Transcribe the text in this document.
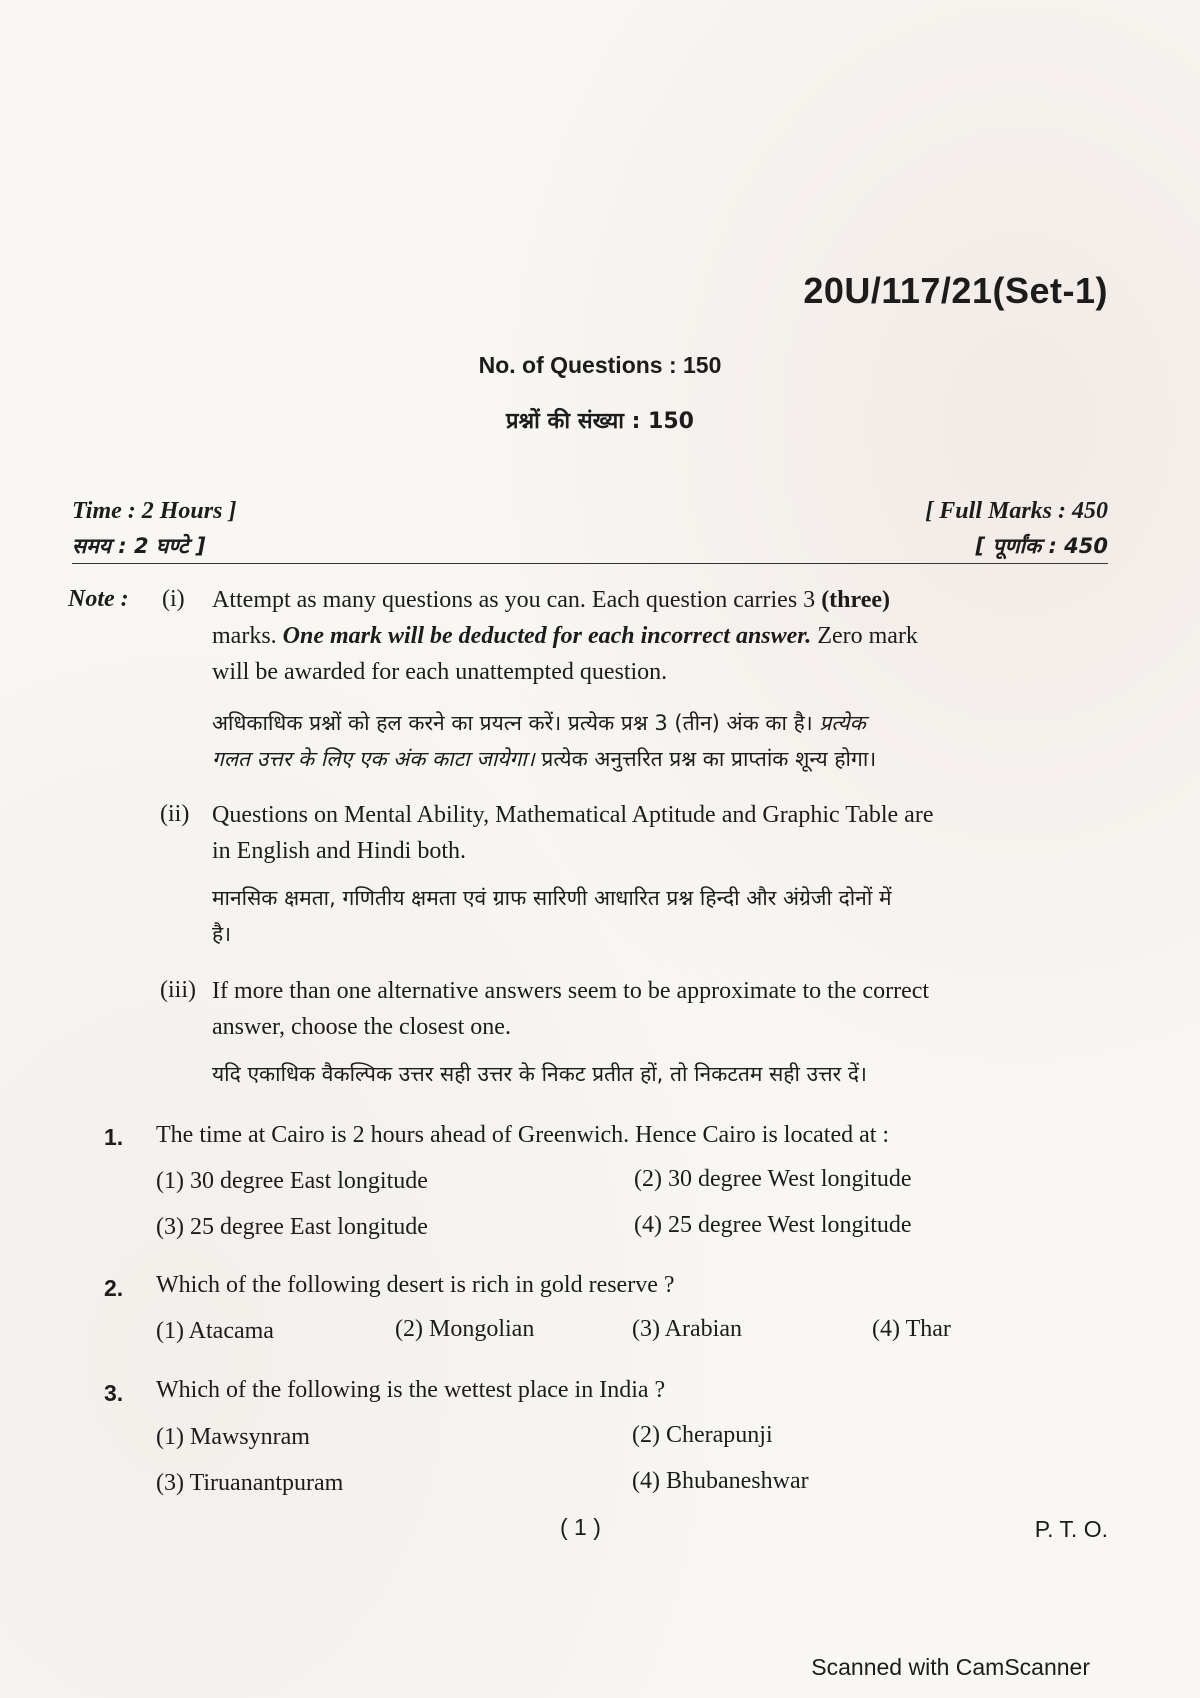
20U/117/21(Set-1)
No. of Questions : 150
प्रश्नों की संख्या : 150
Time : 2 Hours ]
समय : 2 घण्टे ]
[ Full Marks : 450
[ पूर्णांक : 450
Note : (i) Attempt as many questions as you can. Each question carries 3 (three)
marks. One mark will be deducted for each incorrect answer. Zero mark
will be awarded for each unattempted question.
अधिकाधिक प्रश्नों को हल करने का प्रयत्न करें। प्रत्येक प्रश्न 3 (तीन) अंक का है। प्रत्येक
गलत उत्तर के लिए एक अंक काटा जायेगा। प्रत्येक अनुत्तरित प्रश्न का प्राप्तांक शून्य होगा।
(ii) Questions on Mental Ability, Mathematical Aptitude and Graphic Table are
in English and Hindi both.
मानसिक क्षमता, गणितीय क्षमता एवं ग्राफ सारिणी आधारित प्रश्न हिन्दी और अंग्रेजी दोनों में
है।
(iii) If more than one alternative answers seem to be approximate to the correct
answer, choose the closest one.
यदि एकाधिक वैकल्पिक उत्तर सही उत्तर के निकट प्रतीत हों, तो निकटतम सही उत्तर दें।
1. The time at Cairo is 2 hours ahead of Greenwich. Hence Cairo is located at :
(1) 30 degree East longitude	(2) 30 degree West longitude
(3) 25 degree East longitude	(4) 25 degree West longitude
2. Which of the following desert is rich in gold reserve ?
(1) Atacama	(2) Mongolian	(3) Arabian	(4) Thar
3. Which of the following is the wettest place in India ?
(1) Mawsynram	(2) Cherapunji
(3) Tiruanantpuram	(4) Bhubaneshwar
( 1 )	P. T. O.
Scanned with CamScanner
